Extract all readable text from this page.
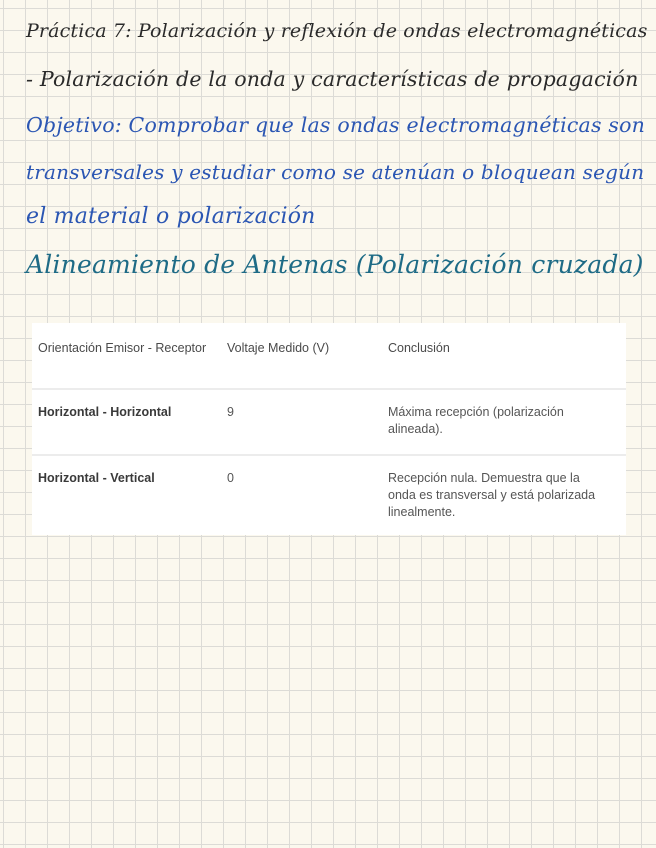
Práctica 7: Polarización y reflexión de ondas electromagnéticas
- Polarización de la onda y características de propagación
Objetivo: Comprobar que las ondas electromagnéticas son
transversales y estudiar como se atenúan o bloquean según
el material o polarización
Alineamiento de Antenas (Polarización cruzada)
Orientación Emisor - Receptor	Voltaje Medido (V)	Conclusión
Horizontal - Horizontal	9	Máxima recepción (polarización alineada).
Horizontal - Vertical	0	Recepción nula. Demuestra que la onda es transversal y está polarizada linealmente.
